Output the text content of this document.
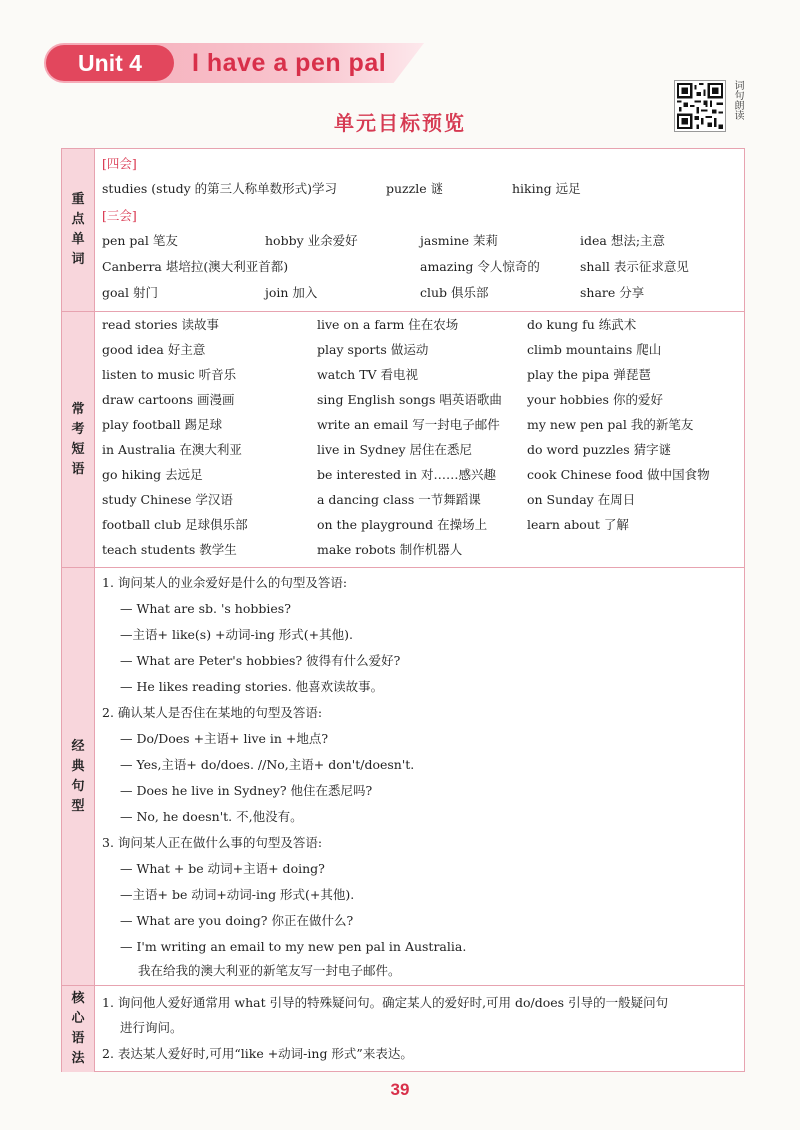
Unit 4	I have a pen pal
单元目标预览
词句朗读
重
点
单
词
[四会]
studies (study 的第三人称单数形式)学习	puzzle 谜	hiking 远足
[三会]
pen pal 笔友	hobby 业余爱好	jasmine 茉莉	idea 想法;主意
Canberra 堪培拉(澳大利亚首都)	amazing 令人惊奇的	shall 表示征求意见
goal 射门	join 加入	club 俱乐部	share 分享
常
考
短
语
read stories 读故事	live on a farm 住在农场	do kung fu 练武术
good idea 好主意	play sports 做运动	climb mountains 爬山
listen to music 听音乐	watch TV 看电视	play the pipa 弹琵琶
draw cartoons 画漫画	sing English songs 唱英语歌曲 your hobbies 你的爱好
play football 踢足球	write an email 写一封电子邮件 my new pen pal 我的新笔友
in Australia 在澳大利亚	live in Sydney 居住在悉尼	do word puzzles 猜字谜
go hiking 去远足	be interested in 对……感兴趣 cook Chinese food 做中国食物
study Chinese 学汉语	a dancing class 一节舞蹈课	on Sunday 在周日
football club 足球俱乐部	on the playground 在操场上	learn about 了解
teach students 教学生	make robots 制作机器人
经
典
句
型
1. 询问某人的业余爱好是什么的句型及答语:
— What are sb. 's hobbies?
—主语+ like(s) +动词-ing 形式(+其他).
— What are Peter's hobbies? 彼得有什么爱好?
— He likes reading stories. 他喜欢读故事。
2. 确认某人是否住在某地的句型及答语:
— Do/Does +主语+ live in +地点?
— Yes,主语+ do/does. //No,主语+ don't/doesn't.
— Does he live in Sydney? 他住在悉尼吗?
— No, he doesn't. 不,他没有。
3. 询问某人正在做什么事的句型及答语:
— What + be 动词+主语+ doing?
—主语+ be 动词+动词-ing 形式(+其他).
— What are you doing? 你正在做什么?
— I'm writing an email to my new pen pal in Australia.
我在给我的澳大利亚的新笔友写一封电子邮件。
核
心
语
法
1. 询问他人爱好通常用 what 引导的特殊疑问句。确定某人的爱好时,可用 do/does 引导的一般疑问句
进行询问。
2. 表达某人爱好时,可用“like +动词-ing 形式”来表达。
39
